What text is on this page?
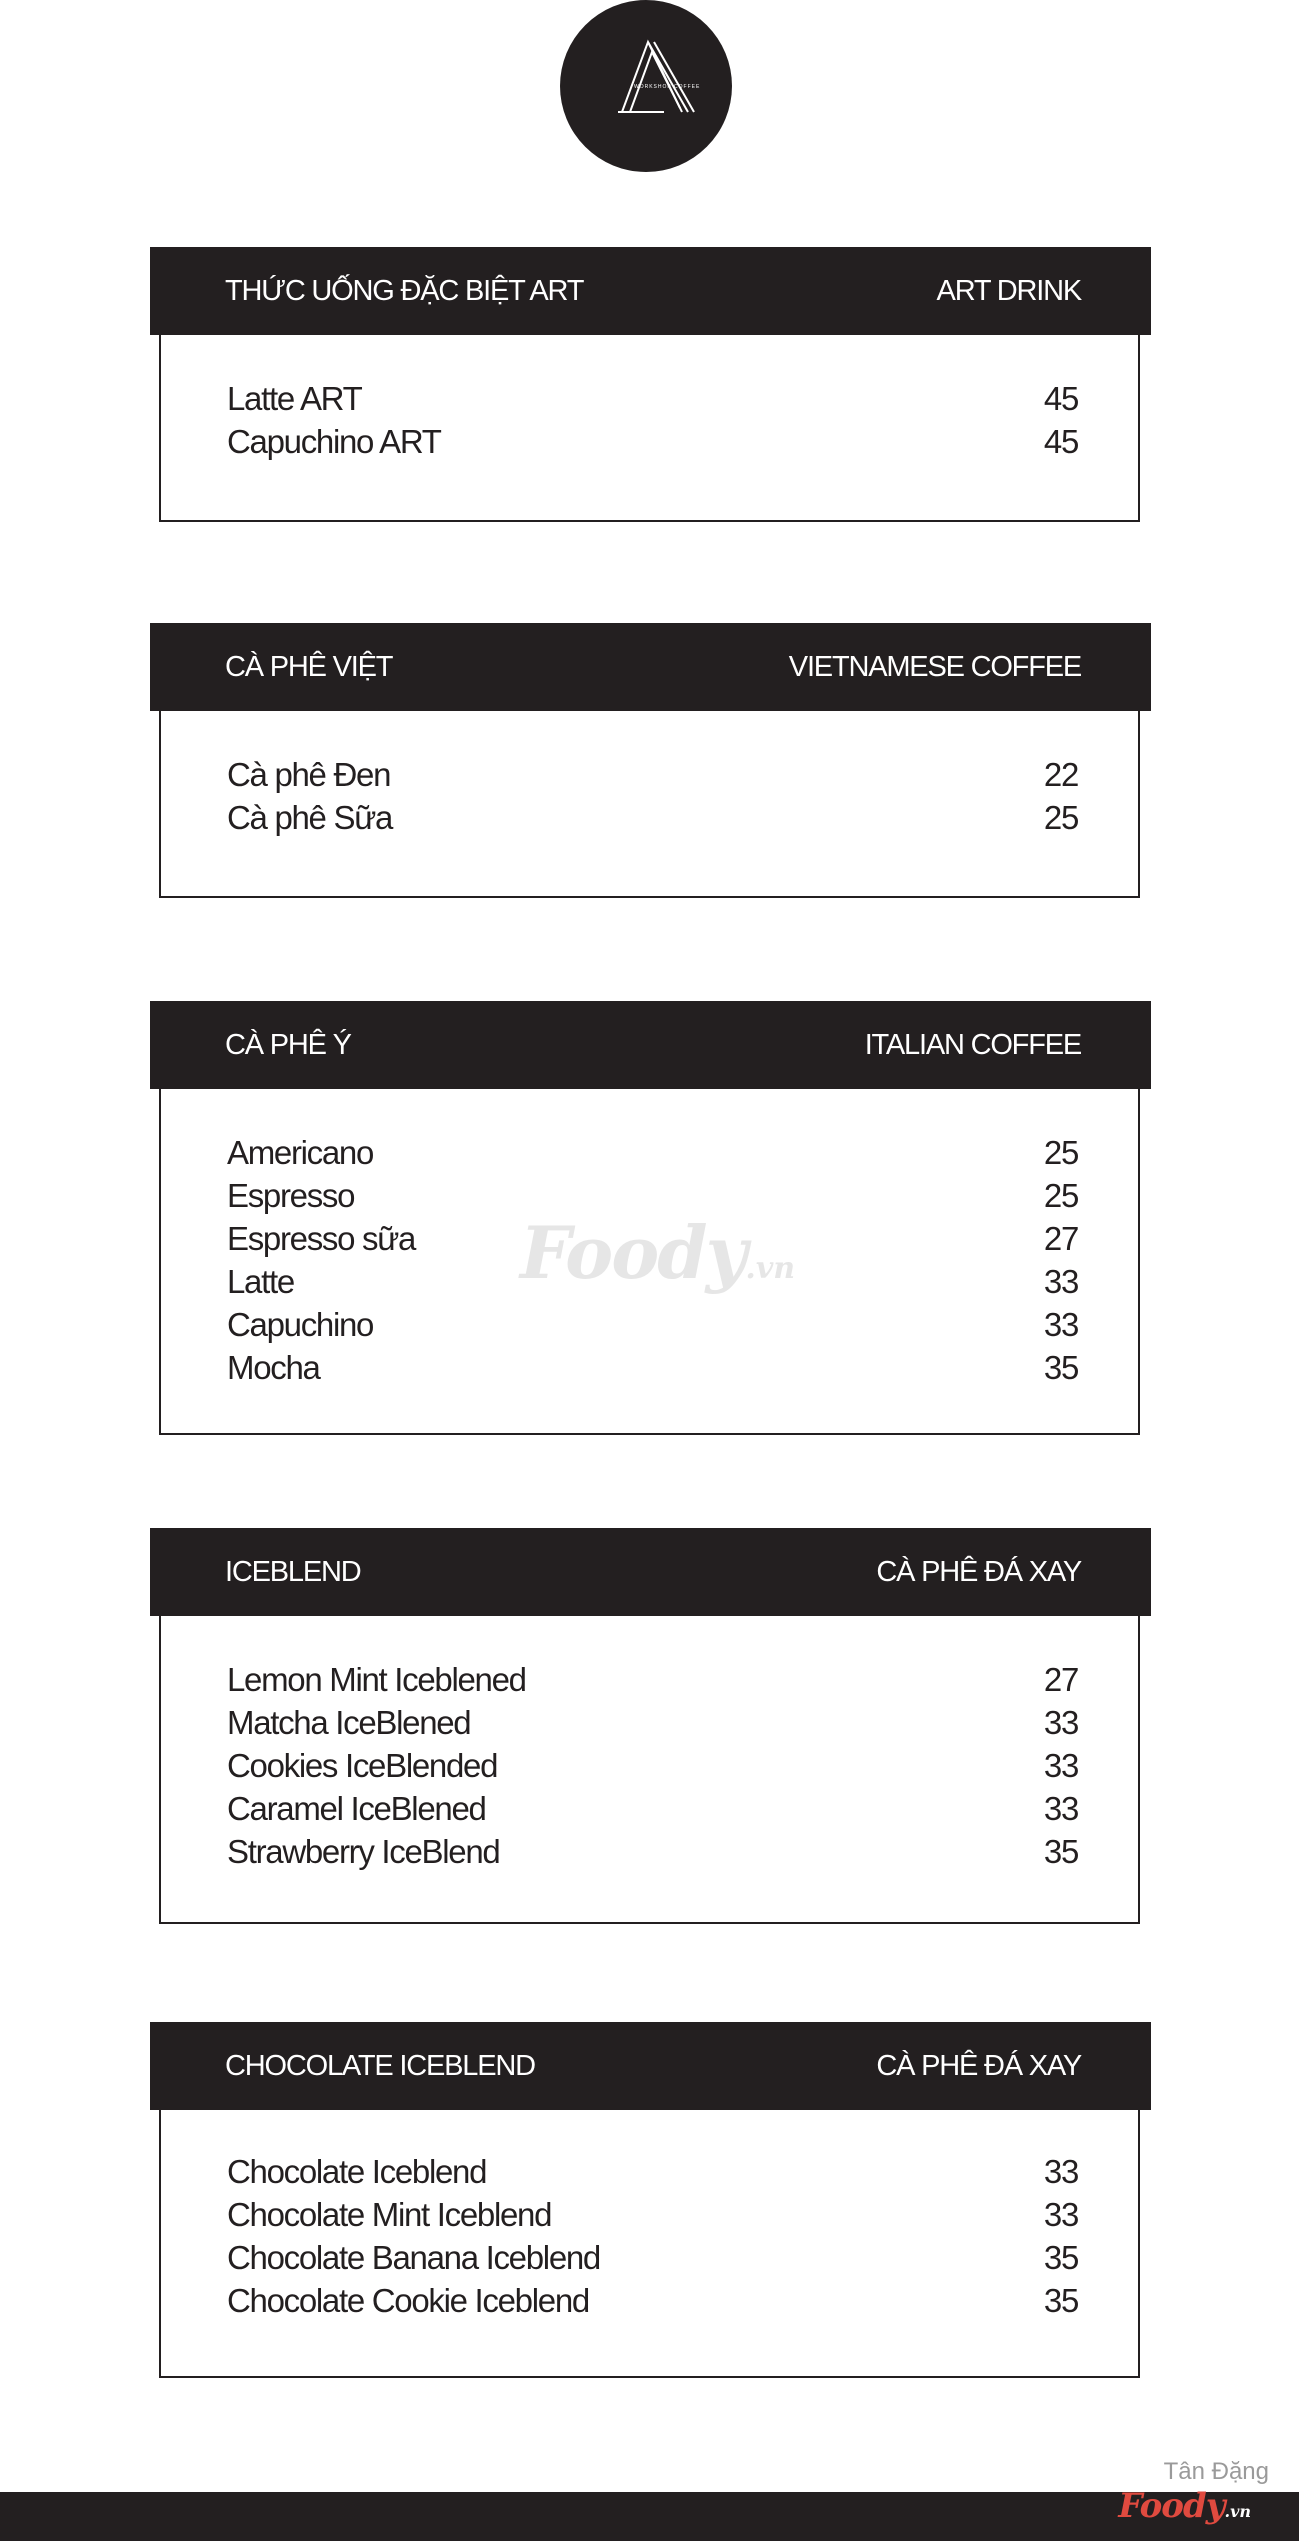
WORKSHOP COFFEE
THỨC UỐNG ĐẶC BIỆT ART	ART DRINK
Latte ART	45
Capuchino ART	45
CÀ PHÊ VIỆT	VIETNAMESE COFFEE
Cà phê Đen	22
Cà phê Sữa	25
CÀ PHÊ Ý	ITALIAN COFFEE
Americano	25
Espresso	25
Espresso sữa	27
Latte	33
Capuchino	33
Mocha	35
ICEBLEND	CÀ PHÊ ĐÁ XAY
Lemon Mint Iceblened	27
Matcha IceBlened	33
Cookies IceBlended	33
Caramel IceBlened	33
Strawberry IceBlend	35
CHOCOLATE ICEBLEND	CÀ PHÊ ĐÁ XAY
Chocolate Iceblend	33
Chocolate Mint Iceblend	33
Chocolate Banana Iceblend	35
Chocolate Cookie Iceblend	35
Foody.vn
Tân Đặng
Foody.vn
